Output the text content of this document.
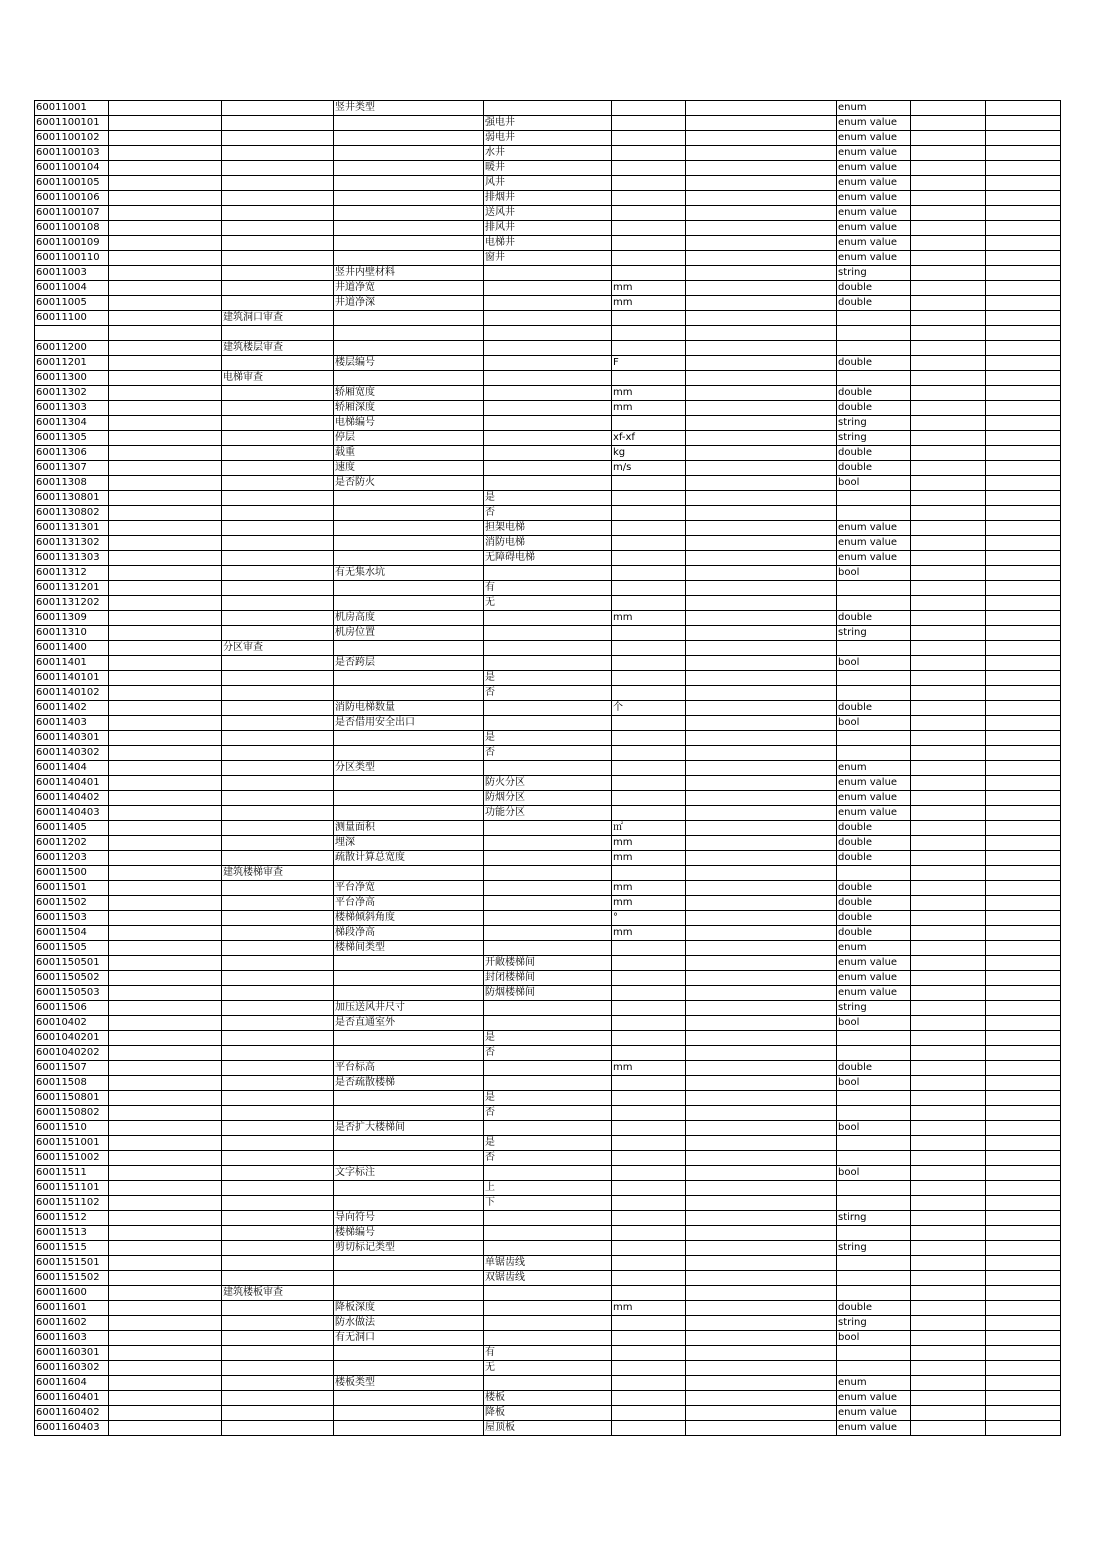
60011001			竖井类型				enum		
6001100101				强电井			enum value		
6001100102				弱电井			enum value		
6001100103				水井			enum value		
6001100104				暖井			enum value		
6001100105				风井			enum value		
6001100106				排烟井			enum value		
6001100107				送风井			enum value		
6001100108				排风井			enum value		
6001100109				电梯井			enum value		
6001100110				窗井			enum value		
60011003			竖井内壁材料				string		
60011004			井道净宽		mm		double		
60011005			井道净深		mm		double		
60011100		建筑洞口审查							

60011200		建筑楼层审查							
60011201			楼层编号		F		double		
60011300		电梯审查							
60011302			轿厢宽度		mm		double		
60011303			轿厢深度		mm		double		
60011304			电梯编号				string		
60011305			停层		xf-xf		string		
60011306			载重		kg		double		
60011307			速度		m/s		double		
60011308			是否防火				bool		
6001130801				是					
6001130802				否					
6001131301				担架电梯			enum value		
6001131302				消防电梯			enum value		
6001131303				无障碍电梯			enum value		
60011312			有无集水坑				bool		
6001131201				有					
6001131202				无					
60011309			机房高度		mm		double		
60011310			机房位置				string		
60011400		分区审查							
60011401			是否跨层				bool		
6001140101				是					
6001140102				否					
60011402			消防电梯数量		个		double		
60011403			是否借用安全出口				bool		
6001140301				是					
6001140302				否					
60011404			分区类型				enum		
6001140401				防火分区			enum value		
6001140402				防烟分区			enum value		
6001140403				功能分区			enum value		
60011405			测量面积		㎡		double		
60011202			埋深		mm		double		
60011203			疏散计算总宽度		mm		double		
60011500		建筑楼梯审查							
60011501			平台净宽		mm		double		
60011502			平台净高		mm		double		
60011503			楼梯倾斜角度		°		double		
60011504			梯段净高		mm		double		
60011505			楼梯间类型				enum		
6001150501				开敞楼梯间			enum value		
6001150502				封闭楼梯间			enum value		
6001150503				防烟楼梯间			enum value		
60011506			加压送风井尺寸				string		
60010402			是否直通室外				bool		
6001040201				是					
6001040202				否					
60011507			平台标高		mm		double		
60011508			是否疏散楼梯				bool		
6001150801				是					
6001150802				否					
60011510			是否扩大楼梯间				bool		
6001151001				是					
6001151002				否					
60011511			文字标注				bool		
6001151101				上					
6001151102				下					
60011512			导向符号				stirng		
60011513			楼梯编号						
60011515			剪切标记类型				string		
6001151501				单锯齿线					
6001151502				双锯齿线					
60011600		建筑楼板审查							
60011601			降板深度		mm		double		
60011602			防水做法				string		
60011603			有无洞口				bool		
6001160301				有					
6001160302				无					
60011604			楼板类型				enum		
6001160401				楼板			enum value		
6001160402				降板			enum value		
6001160403				屋顶板			enum value		
